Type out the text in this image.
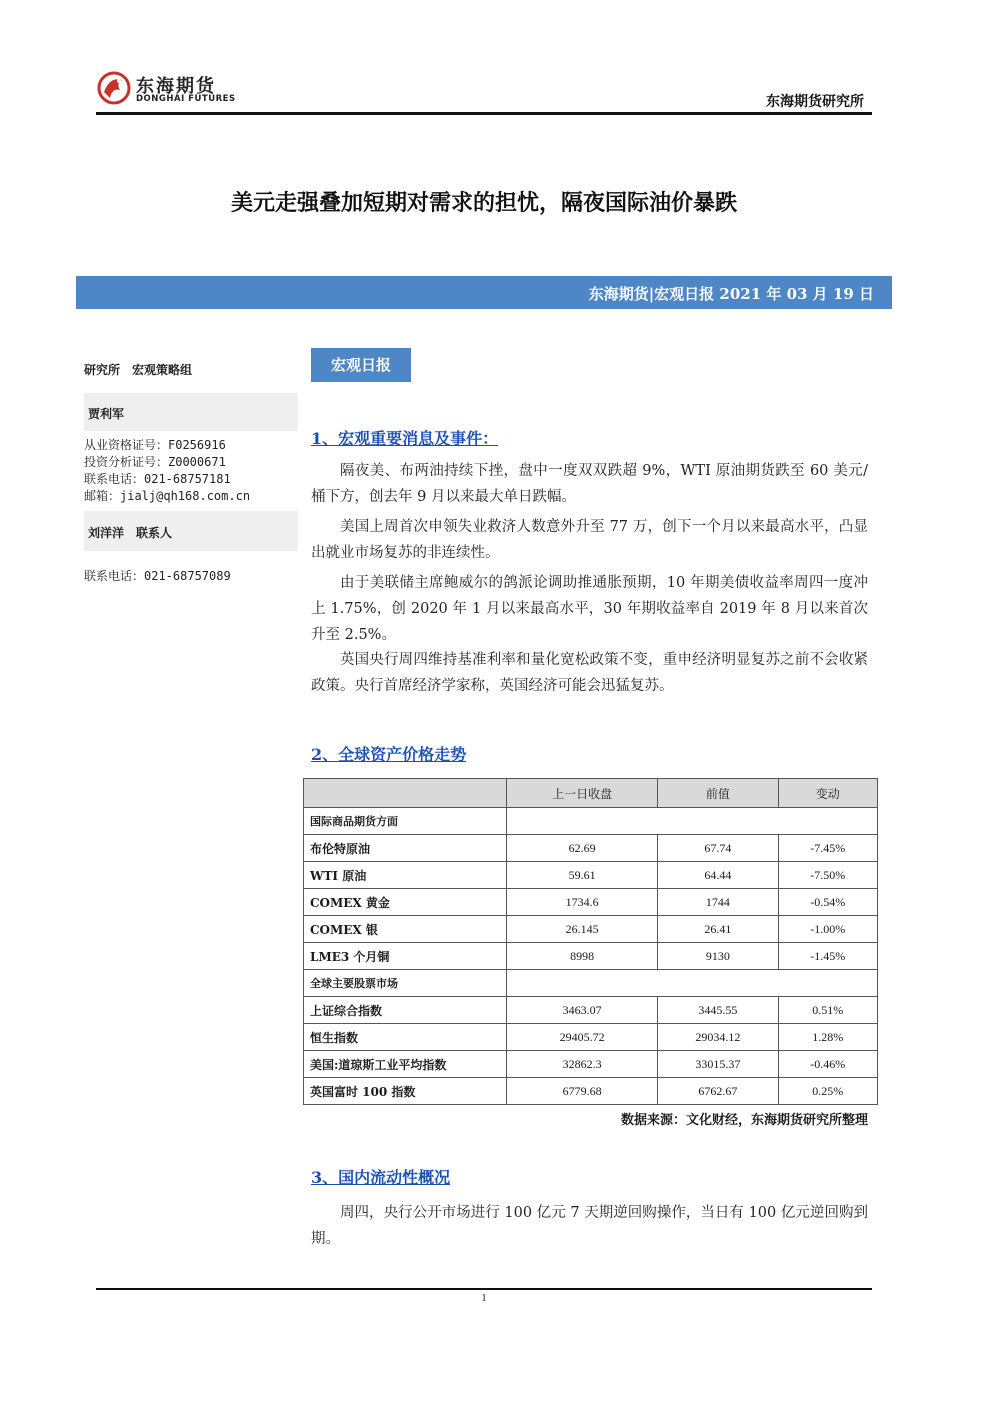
东海期货
DONGHAI FUTURES	东海期货研究所
美元走强叠加短期对需求的担忧，隔夜国际油价暴跌
东海期货|宏观日报 2021 年 03 月 19 日
研究所　宏观策略组
贾利军
从业资格证号：F0256916
投资分析证号：Z0000671
联系电话：021-68757181
邮箱：jialj@qh168.com.cn
刘洋洋　联系人
联系电话：021-68757089
宏观日报
1、宏观重要消息及事件：
隔夜美、布两油持续下挫，盘中一度双双跌超 9%，WTI 原油期货跌至 60 美元/桶下方，创去年 9 月以来最大单日跌幅。
美国上周首次申领失业救济人数意外升至 77 万，创下一个月以来最高水平，凸显出就业市场复苏的非连续性。
由于美联储主席鲍威尔的鸽派论调助推通胀预期，10 年期美债收益率周四一度冲上 1.75%，创 2020 年 1 月以来最高水平，30 年期收益率自 2019 年 8 月以来首次升至 2.5%。
英国央行周四维持基准利率和量化宽松政策不变，重申经济明显复苏之前不会收紧政策。央行首席经济学家称，英国经济可能会迅猛复苏。
2、全球资产价格走势
	上一日收盘	前值	变动
国际商品期货方面			
布伦特原油	62.69	67.74	-7.45%
WTI 原油	59.61	64.44	-7.50%
COMEX 黄金	1734.6	1744	-0.54%
COMEX 银	26.145	26.41	-1.00%
LME3 个月铜	8998	9130	-1.45%
全球主要股票市场			
上证综合指数	3463.07	3445.55	0.51%
恒生指数	29405.72	29034.12	1.28%
美国:道琼斯工业平均指数	32862.3	33015.37	-0.46%
英国富时 100 指数	6779.68	6762.67	0.25%
数据来源：文化财经，东海期货研究所整理
3、国内流动性概况
周四，央行公开市场进行 100 亿元 7 天期逆回购操作，当日有 100 亿元逆回购到期。
1
